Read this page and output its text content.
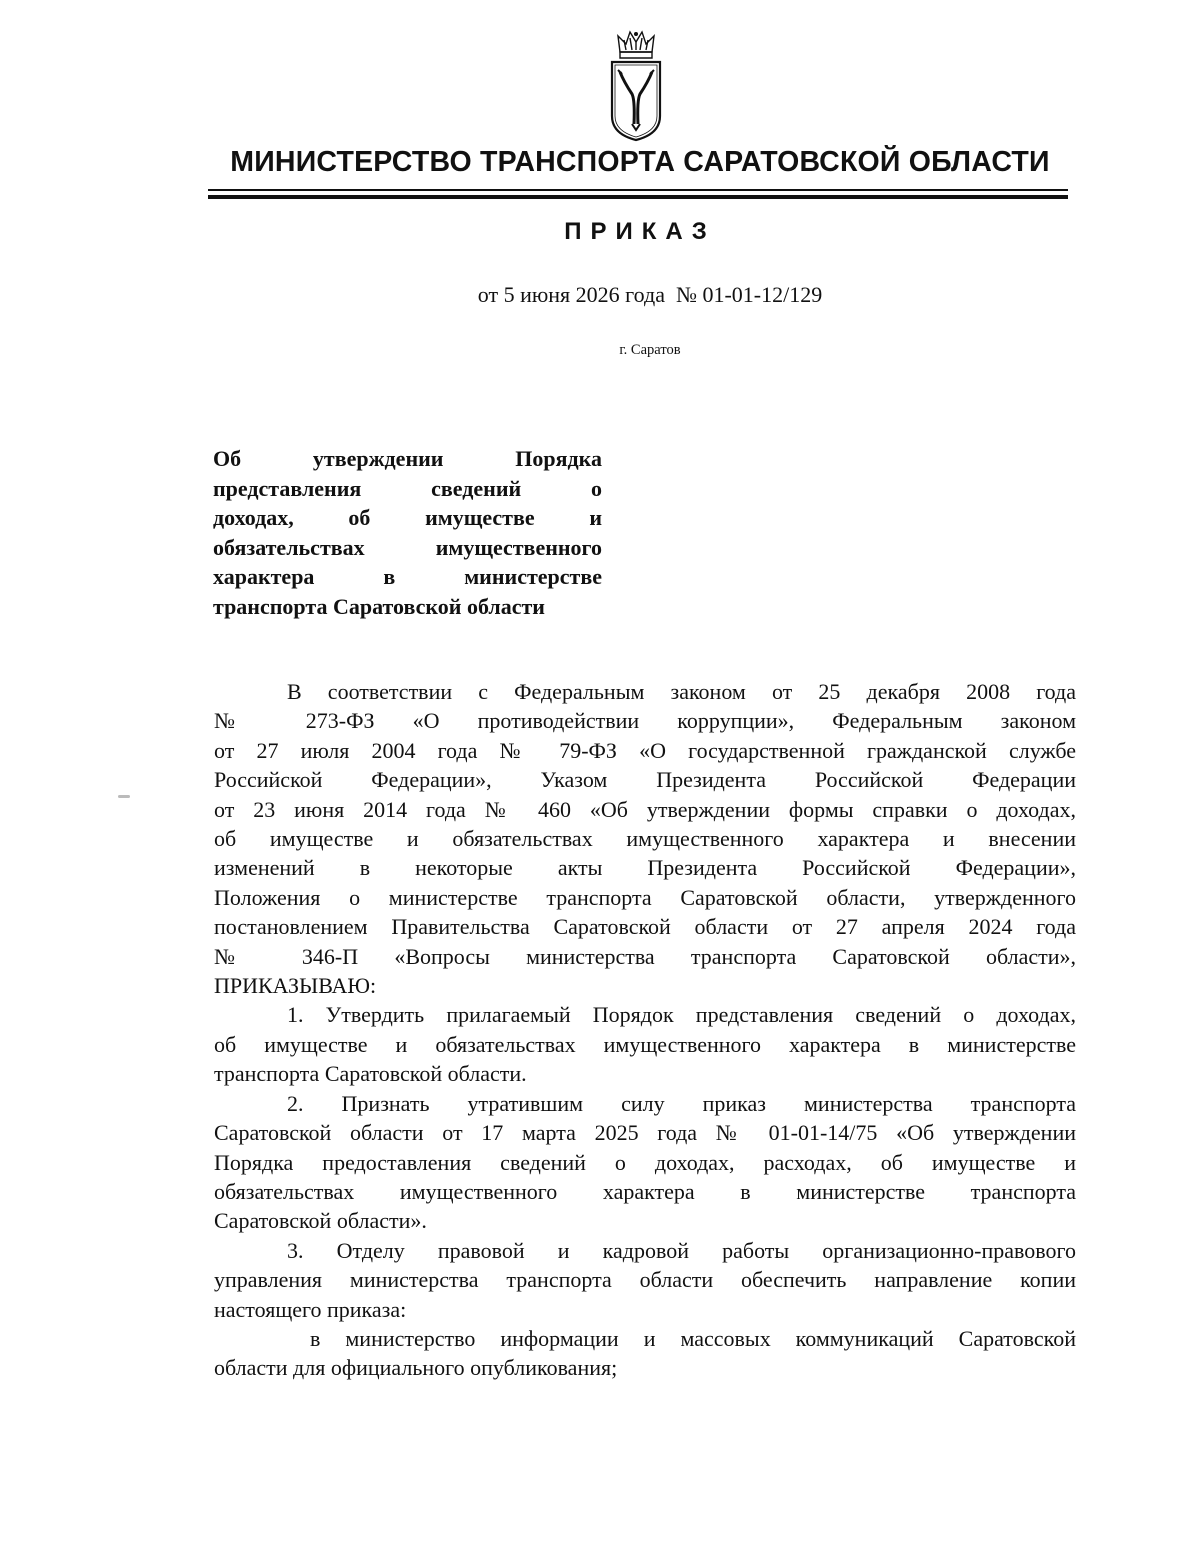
МИНИСТЕРСТВО ТРАНСПОРТА САРАТОВСКОЙ ОБЛАСТИ
ПРИКАЗ
от 5 июня 2026 года  № 01-01-12/129
г. Саратов
Об утверждении Порядка
представления сведений о
доходах, об имуществе и
обязательствах имущественного
характера в министерстве
транспорта Саратовской области
В соответствии с Федеральным законом от 25 декабря 2008 года
№ 273-ФЗ «О противодействии коррупции», Федеральным законом
от 27 июля 2004 года № 79-ФЗ «О государственной гражданской службе
Российской Федерации», Указом Президента Российской Федерации
от 23 июня 2014 года № 460 «Об утверждении формы справки о доходах,
об имуществе и обязательствах имущественного характера и внесении
изменений в некоторые акты Президента Российской Федерации»,
Положения о министерстве транспорта Саратовской области, утвержденного
постановлением Правительства Саратовской области от 27 апреля 2024 года
№ 346-П «Вопросы министерства транспорта Саратовской области»,
ПРИКАЗЫВАЮ:
1. Утвердить прилагаемый Порядок представления сведений о доходах,
об имуществе и обязательствах имущественного характера в министерстве
транспорта Саратовской области.
2. Признать утратившим силу приказ министерства транспорта
Саратовской области от 17 марта 2025 года № 01-01-14/75 «Об утверждении
Порядка предоставления сведений о доходах, расходах, об имуществе и
обязательствах имущественного характера в министерстве транспорта
Саратовской области».
3. Отделу правовой и кадровой работы организационно-правового
управления министерства транспорта области обеспечить направление копии
настоящего приказа:
в министерство информации и массовых коммуникаций Саратовской
области для официального опубликования;
